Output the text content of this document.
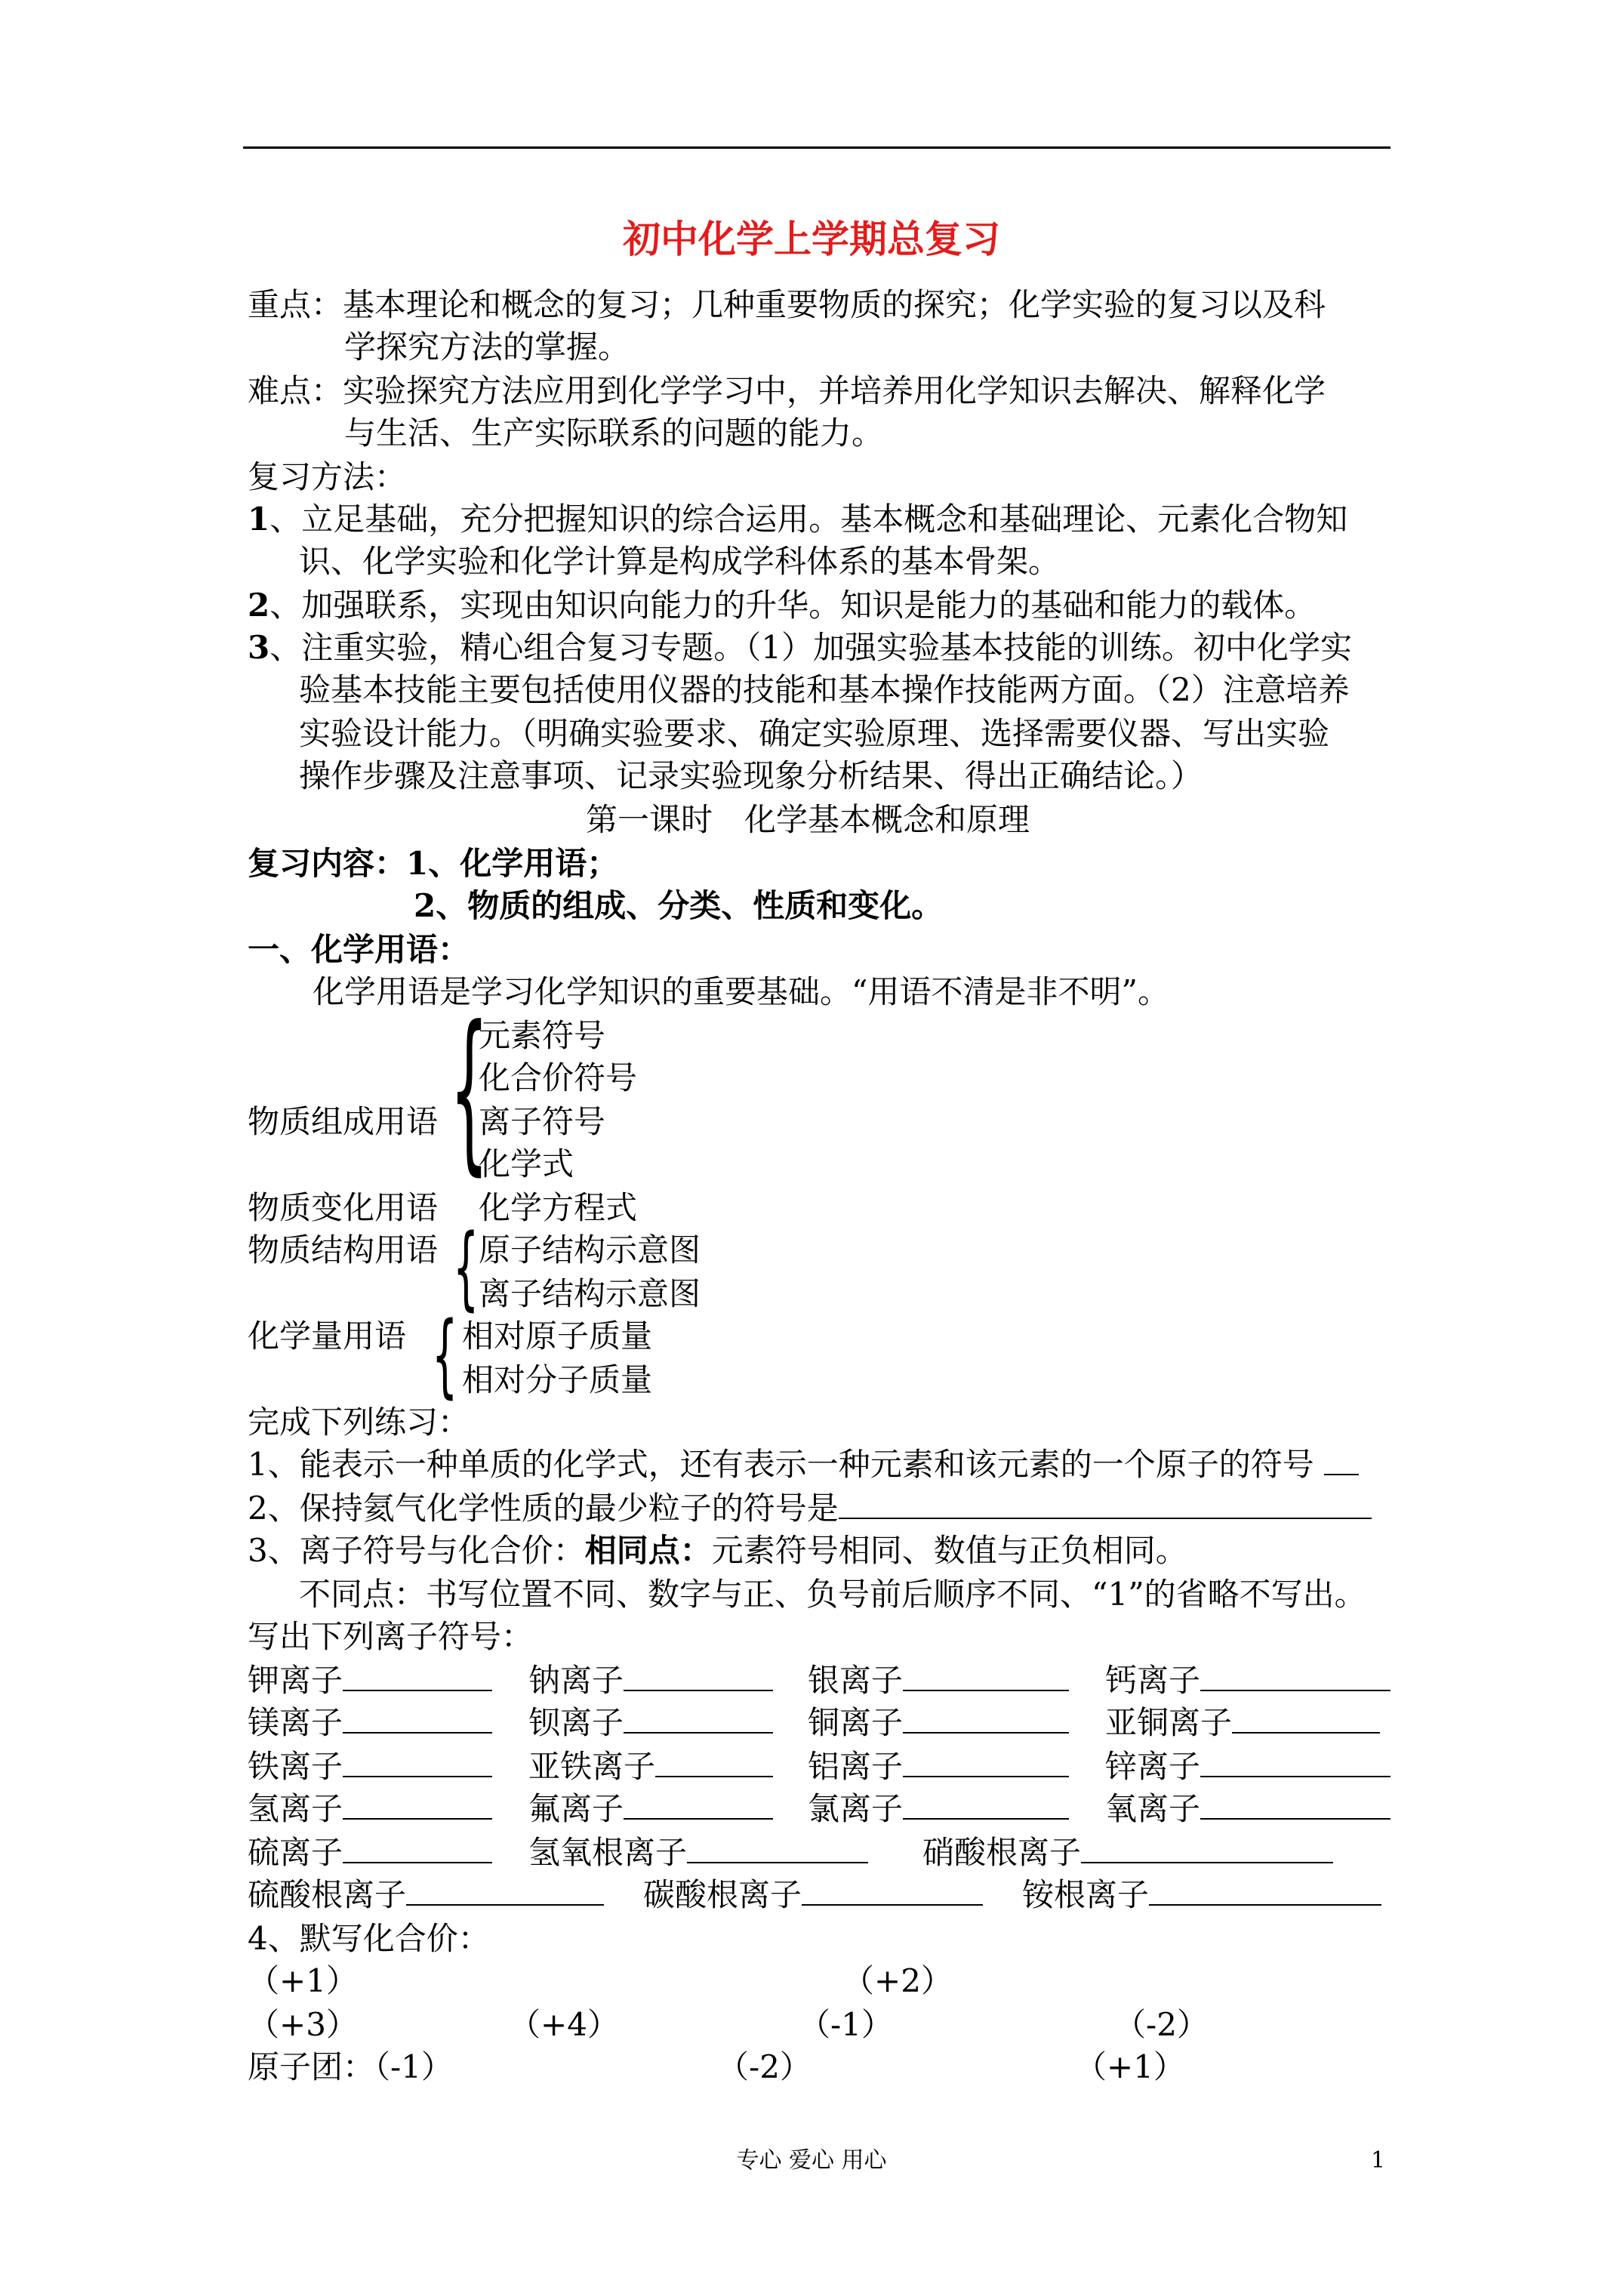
初中化学上学期总复习
重点：基本理论和概念的复习；几种重要物质的探究；化学实验的复习以及科
学探究方法的掌握。
难点：实验探究方法应用到化学学习中，并培养用化学知识去解决、解释化学
与生活、生产实际联系的问题的能力。
复习方法：
1、立足基础，充分把握知识的综合运用。基本概念和基础理论、元素化合物知
识、化学实验和化学计算是构成学科体系的基本骨架。
2、加强联系，实现由知识向能力的升华。知识是能力的基础和能力的载体。
3、注重实验，精心组合复习专题。（1）加强实验基本技能的训练。初中化学实
验基本技能主要包括使用仪器的技能和基本操作技能两方面。（2）注意培养
实验设计能力。（明确实验要求、确定实验原理、选择需要仪器、写出实验
操作步骤及注意事项、记录实验现象分析结果、得出正确结论。）
第一课时　化学基本概念和原理
复习内容：1、化学用语；
2、物质的组成、分类、性质和变化。
一、化学用语：
化学用语是学习化学知识的重要基础。“用语不清是非不明”。
物质组成用语 {
元素符号
化合价符号
离子符号
化学式
物质变化用语 化学方程式
物质结构用语 { 原子结构示意图
离子结构示意图
化学量用语 { 相对原子质量
相对分子质量
完成下列练习：
1、能表示一种单质的化学式，还有表示一种元素和该元素的一个原子的符号
2、保持氦气化学性质的最少粒子的符号是
3、离子符号与化合价：相同点：元素符号相同、数值与正负相同。
不同点：书写位置不同、数字与正、负号前后顺序不同、“1”的省略不写出。
写出下列离子符号：
钾离子	钠离子	银离子	钙离子
镁离子	钡离子	铜离子	亚铜离子
铁离子	亚铁离子	铝离子	锌离子
氢离子	氟离子	氯离子	氧离子
硫离子	氢氧根离子	硝酸根离子
硫酸根离子	碳酸根离子	铵根离子
4、默写化合价：
（+1）	（+2）
（+3）	（+4）	（-1）	（-2）
原子团：（-1）	（-2）	（+1）
专心 爱心 用心	1
